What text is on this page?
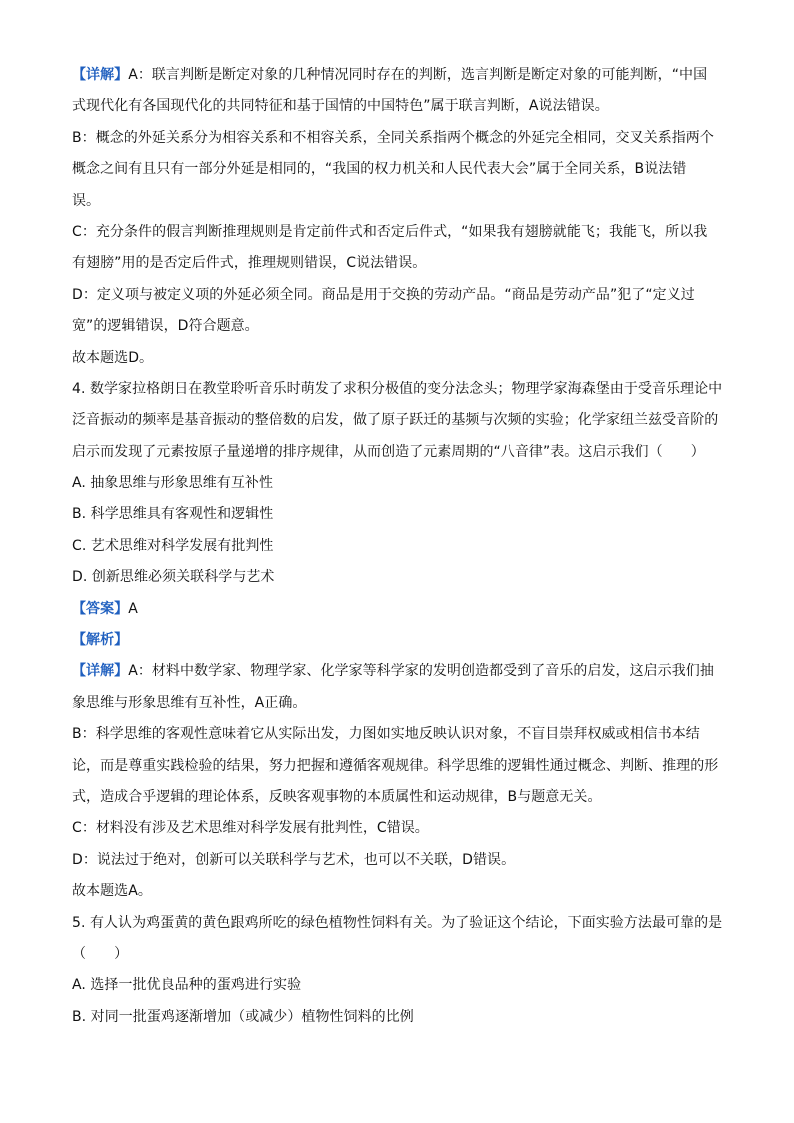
【详解】A：联言判断是断定对象的几种情况同时存在的判断，选言判断是断定对象的可能判断，“中国
式现代化有各国现代化的共同特征和基于国情的中国特色”属于联言判断，A说法错误。
B：概念的外延关系分为相容关系和不相容关系，全同关系指两个概念的外延完全相同，交叉关系指两个
概念之间有且只有一部分外延是相同的，“我国的权力机关和人民代表大会”属于全同关系，B说法错
误。
C：充分条件的假言判断推理规则是肯定前件式和否定后件式，“如果我有翅膀就能飞；我能飞，所以我
有翅膀”用的是否定后件式，推理规则错误，C说法错误。
D：定义项与被定义项的外延必须全同。商品是用于交换的劳动产品。“商品是劳动产品”犯了“定义过
宽”的逻辑错误，D符合题意。
故本题选D。
4. 数学家拉格朗日在教堂聆听音乐时萌发了求积分极值的变分法念头；物理学家海森堡由于受音乐理论中
泛音振动的频率是基音振动的整倍数的启发，做了原子跃迁的基频与次频的实验；化学家纽兰兹受音阶的
启示而发现了元素按原子量递增的排序规律，从而创造了元素周期的“八音律”表。这启示我们（　　）
A. 抽象思维与形象思维有互补性
B. 科学思维具有客观性和逻辑性
C. 艺术思维对科学发展有批判性
D. 创新思维必须关联科学与艺术
【答案】A
【解析】
【详解】A：材料中数学家、物理学家、化学家等科学家的发明创造都受到了音乐的启发，这启示我们抽
象思维与形象思维有互补性，A正确。
B：科学思维的客观性意味着它从实际出发，力图如实地反映认识对象，不盲目崇拜权威或相信书本结
论，而是尊重实践检验的结果，努力把握和遵循客观规律。科学思维的逻辑性通过概念、判断、推理的形
式，造成合乎逻辑的理论体系，反映客观事物的本质属性和运动规律，B与题意无关。
C：材料没有涉及艺术思维对科学发展有批判性，C错误。
D：说法过于绝对，创新可以关联科学与艺术，也可以不关联，D错误。
故本题选A。
5. 有人认为鸡蛋黄的黄色跟鸡所吃的绿色植物性饲料有关。为了验证这个结论，下面实验方法最可靠的是
（　　）
A. 选择一批优良品种的蛋鸡进行实验
B. 对同一批蛋鸡逐渐增加（或减少）植物性饲料的比例
